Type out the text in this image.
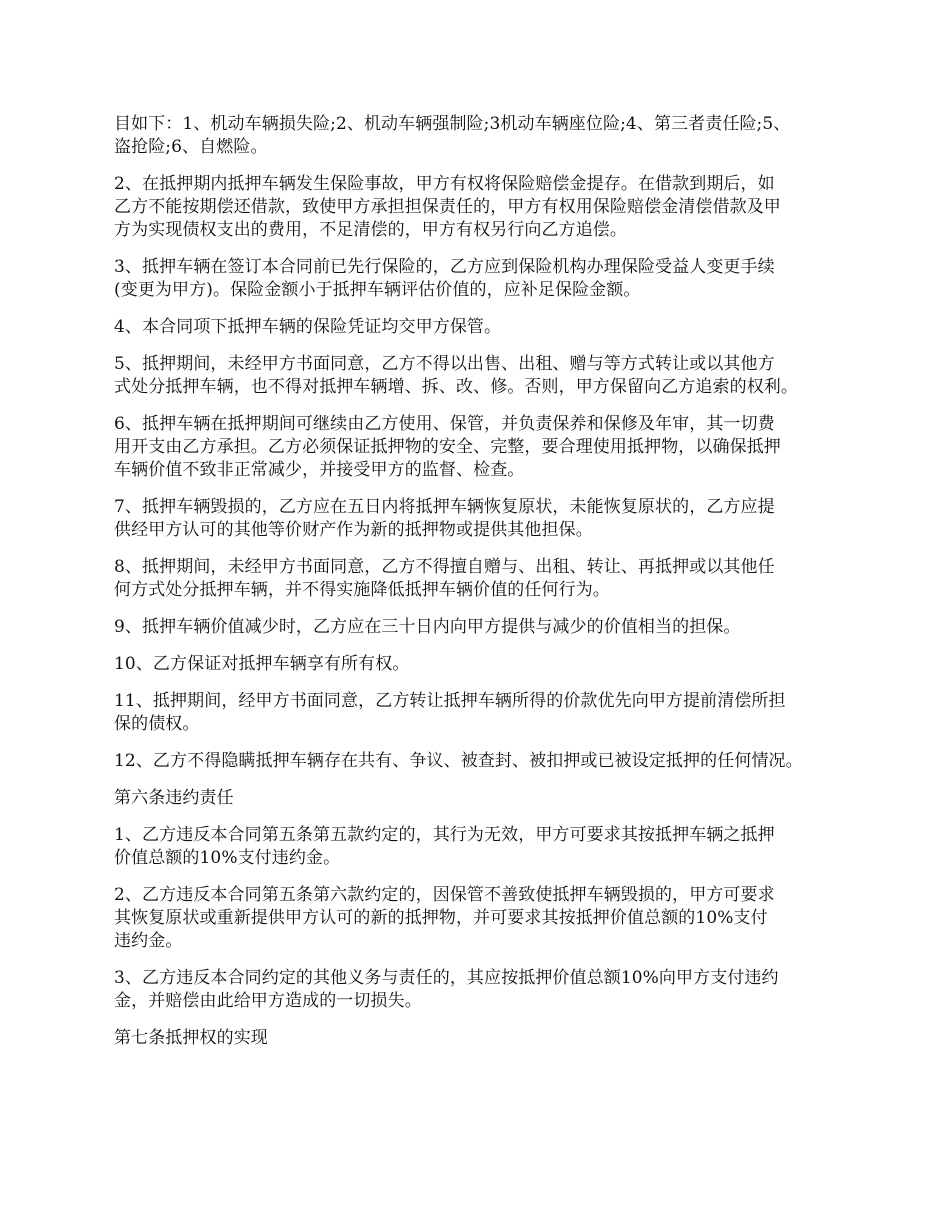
目如下：1、机动车辆损失险;2、机动车辆强制险;3机动车辆座位险;4、第三者责任险;5、
盗抢险;6、自燃险。

2、在抵押期内抵押车辆发生保险事故，甲方有权将保险赔偿金提存。在借款到期后，如
乙方不能按期偿还借款，致使甲方承担担保责任的，甲方有权用保险赔偿金清偿借款及甲
方为实现债权支出的费用，不足清偿的，甲方有权另行向乙方追偿。

3、抵押车辆在签订本合同前已先行保险的，乙方应到保险机构办理保险受益人变更手续
(变更为甲方)。保险金额小于抵押车辆评估价值的，应补足保险金额。

4、本合同项下抵押车辆的保险凭证均交甲方保管。

5、抵押期间，未经甲方书面同意，乙方不得以出售、出租、赠与等方式转让或以其他方
式处分抵押车辆，也不得对抵押车辆增、拆、改、修。否则，甲方保留向乙方追索的权利。

6、抵押车辆在抵押期间可继续由乙方使用、保管，并负责保养和保修及年审，其一切费
用开支由乙方承担。乙方必须保证抵押物的安全、完整，要合理使用抵押物，以确保抵押
车辆价值不致非正常减少，并接受甲方的监督、检查。

7、抵押车辆毁损的，乙方应在五日内将抵押车辆恢复原状，未能恢复原状的，乙方应提
供经甲方认可的其他等价财产作为新的抵押物或提供其他担保。

8、抵押期间，未经甲方书面同意，乙方不得擅自赠与、出租、转让、再抵押或以其他任
何方式处分抵押车辆，并不得实施降低抵押车辆价值的任何行为。

9、抵押车辆价值减少时，乙方应在三十日内向甲方提供与减少的价值相当的担保。

10、乙方保证对抵押车辆享有所有权。

11、抵押期间，经甲方书面同意，乙方转让抵押车辆所得的价款优先向甲方提前清偿所担
保的债权。

12、乙方不得隐瞒抵押车辆存在共有、争议、被查封、被扣押或已被设定抵押的任何情况。

第六条违约责任

1、乙方违反本合同第五条第五款约定的，其行为无效，甲方可要求其按抵押车辆之抵押
价值总额的10%支付违约金。

2、乙方违反本合同第五条第六款约定的，因保管不善致使抵押车辆毁损的，甲方可要求
其恢复原状或重新提供甲方认可的新的抵押物，并可要求其按抵押价值总额的10%支付
违约金。

3、乙方违反本合同约定的其他义务与责任的，其应按抵押价值总额10%向甲方支付违约
金，并赔偿由此给甲方造成的一切损失。

第七条抵押权的实现
